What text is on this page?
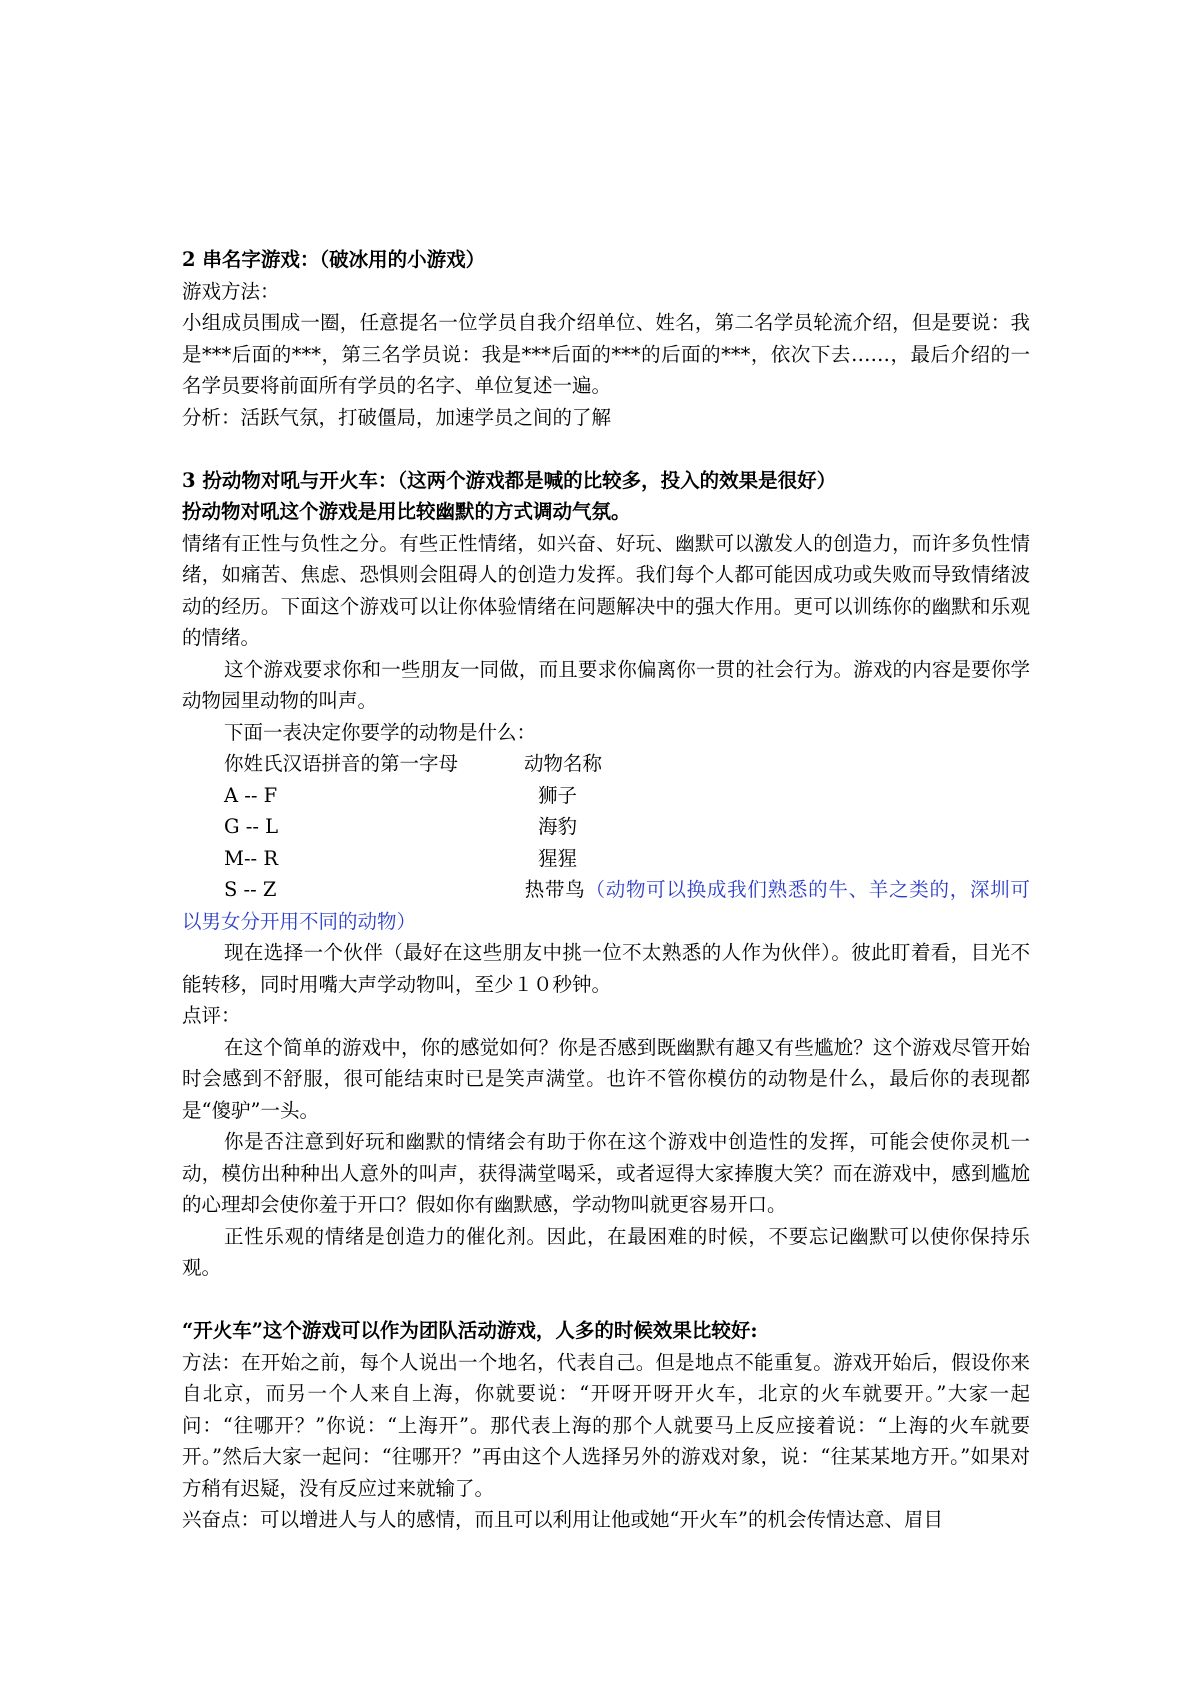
2 串名字游戏：（破冰用的小游戏）
游戏方法：
小组成员围成一圈，任意提名一位学员自我介绍单位、姓名，第二名学员轮流介绍，但是要说：我是***后面的***，第三名学员说：我是***后面的***的后面的***，依次下去……，最后介绍的一名学员要将前面所有学员的名字、单位复述一遍。
分析：活跃气氛，打破僵局，加速学员之间的了解
3 扮动物对吼与开火车：（这两个游戏都是喊的比较多，投入的效果是很好）
扮动物对吼这个游戏是用比较幽默的方式调动气氛。
情绪有正性与负性之分。有些正性情绪，如兴奋、好玩、幽默可以激发人的创造力，而许多负性情绪，如痛苦、焦虑、恐惧则会阻碍人的创造力发挥。我们每个人都可能因成功或失败而导致情绪波动的经历。下面这个游戏可以让你体验情绪在问题解决中的强大作用。更可以训练你的幽默和乐观的情绪。
这个游戏要求你和一些朋友一同做，而且要求你偏离你一贯的社会行为。游戏的内容是要你学动物园里动物的叫声。
下面一表决定你要学的动物是什么：
你姓氏汉语拼音的第一字母	动物名称
A -- F	狮子
G -- L	海豹
M-- R	猩猩
S -- Z	热带鸟（动物可以换成我们熟悉的牛、羊之类的，深圳可以男女分开用不同的动物）
现在选择一个伙伴（最好在这些朋友中挑一位不太熟悉的人作为伙伴）。彼此盯着看，目光不能转移，同时用嘴大声学动物叫，至少１０秒钟。
点评：
在这个简单的游戏中，你的感觉如何？你是否感到既幽默有趣又有些尴尬？这个游戏尽管开始时会感到不舒服，很可能结束时已是笑声满堂。也许不管你模仿的动物是什么，最后你的表现都是“傻驴”一头。
你是否注意到好玩和幽默的情绪会有助于你在这个游戏中创造性的发挥，可能会使你灵机一动，模仿出种种出人意外的叫声，获得满堂喝采，或者逗得大家捧腹大笑？而在游戏中，感到尴尬的心理却会使你羞于开口？假如你有幽默感，学动物叫就更容易开口。
正性乐观的情绪是创造力的催化剂。因此，在最困难的时候，不要忘记幽默可以使你保持乐观。
“开火车”这个游戏可以作为团队活动游戏，人多的时候效果比较好:
方法：在开始之前，每个人说出一个地名，代表自己。但是地点不能重复。游戏开始后，假设你来自北京，而另一个人来自上海，你就要说：“开呀开呀开火车，北京的火车就要开。”大家一起问：“往哪开？”你说：“上海开”。那代表上海的那个人就要马上反应接着说：“上海的火车就要开。”然后大家一起问：“往哪开？”再由这个人选择另外的游戏对象，说：“往某某地方开。”如果对方稍有迟疑，没有反应过来就输了。
兴奋点：可以增进人与人的感情，而且可以利用让他或她“开火车”的机会传情达意、眉目
